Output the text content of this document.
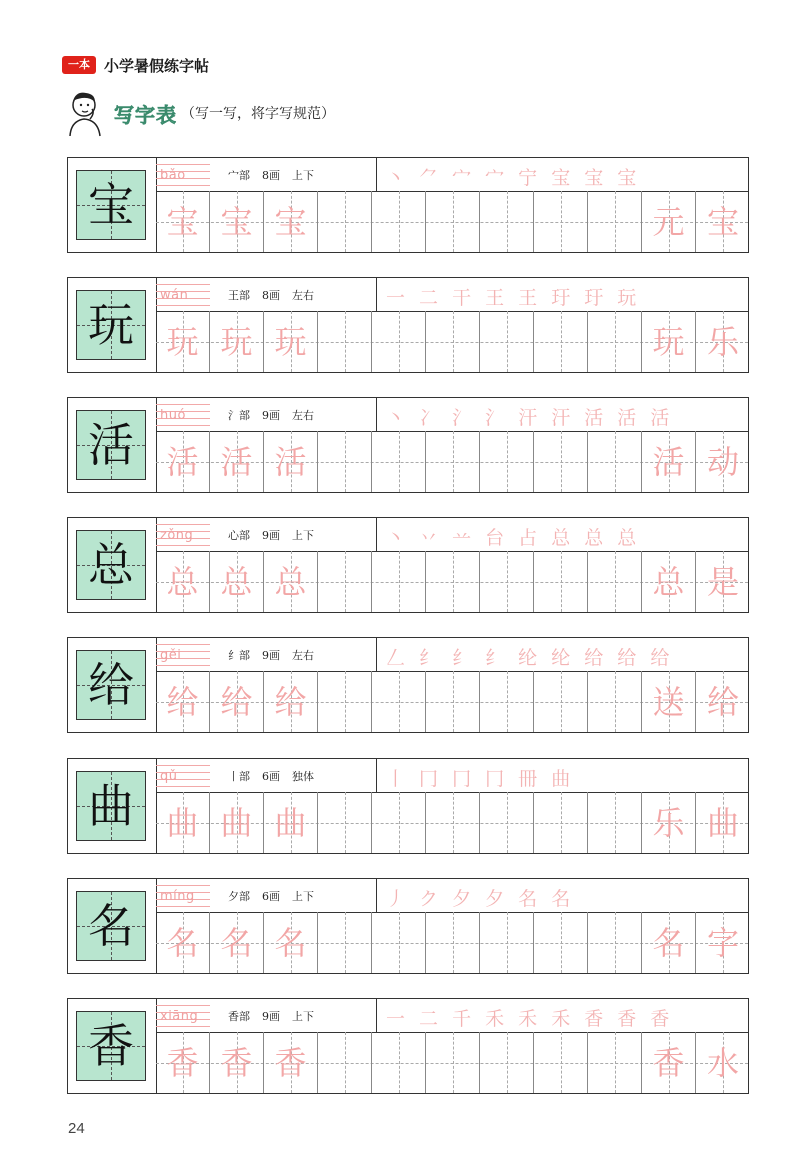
一本 小学暑假练字帖
写字表 （写一写，将字写规范）
宝
bǎo	宀部 8画 上下	丶 ⺈ 宀 宀 宁 宝 宝 宝
宝 宝 宝	元 宝
玩
wán	王部 8画 左右	一 二 干 王 王 玗 玗 玩
玩 玩 玩	玩 乐
活
huó	氵部 9画 左右	丶 冫 氵 氵 汗 汗 活 活 活
活 活 活	活 动
总
zǒng	心部 9画 上下	丶 丷 䒑 台 占 总 总 总
总 总 总	总 是
给
gěi	纟部 9画 左右	𠃋 纟 纟 纟 纶 纶 给 给 给
给 给 给	送 给
曲
qǔ	丨部 6画 独体	丨 冂 冂 冂 冊 曲
曲 曲 曲	乐 曲
名
míng	夕部 6画 上下	丿 ク 夕 夕 名 名
名 名 名	名 字
香
xiāng	香部 9画 上下	一 二 千 禾 禾 禾 香 香 香
香 香 香	香 水
24
